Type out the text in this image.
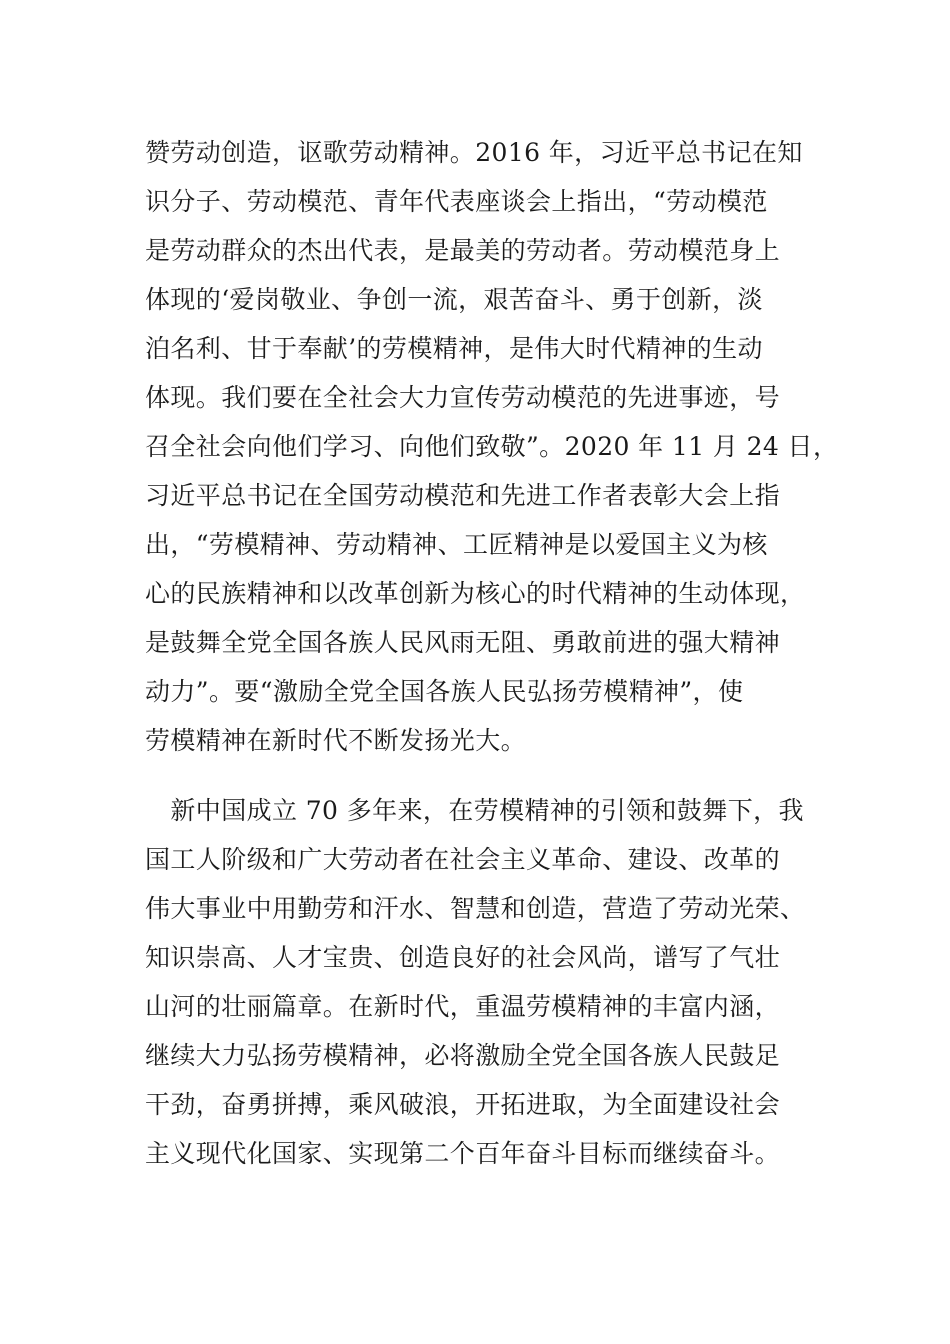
赞劳动创造，讴歌劳动精神。2016 年，习近平总书记在知
识分子、劳动模范、青年代表座谈会上指出，“劳动模范
是劳动群众的杰出代表，是最美的劳动者。劳动模范身上
体现的‘爱岗敬业、争创一流，艰苦奋斗、勇于创新，淡
泊名利、甘于奉献’的劳模精神，是伟大时代精神的生动
体现。我们要在全社会大力宣传劳动模范的先进事迹，号
召全社会向他们学习、向他们致敬”。2020 年 11 月 24 日，
习近平总书记在全国劳动模范和先进工作者表彰大会上指
出，“劳模精神、劳动精神、工匠精神是以爱国主义为核
心的民族精神和以改革创新为核心的时代精神的生动体现，
是鼓舞全党全国各族人民风雨无阻、勇敢前进的强大精神
动力”。要“激励全党全国各族人民弘扬劳模精神”，使
劳模精神在新时代不断发扬光大。
　新中国成立 70 多年来，在劳模精神的引领和鼓舞下，我
国工人阶级和广大劳动者在社会主义革命、建设、改革的
伟大事业中用勤劳和汗水、智慧和创造，营造了劳动光荣、
知识崇高、人才宝贵、创造良好的社会风尚，谱写了气壮
山河的壮丽篇章。在新时代，重温劳模精神的丰富内涵，
继续大力弘扬劳模精神，必将激励全党全国各族人民鼓足
干劲，奋勇拼搏，乘风破浪，开拓进取，为全面建设社会
主义现代化国家、实现第二个百年奋斗目标而继续奋斗。
